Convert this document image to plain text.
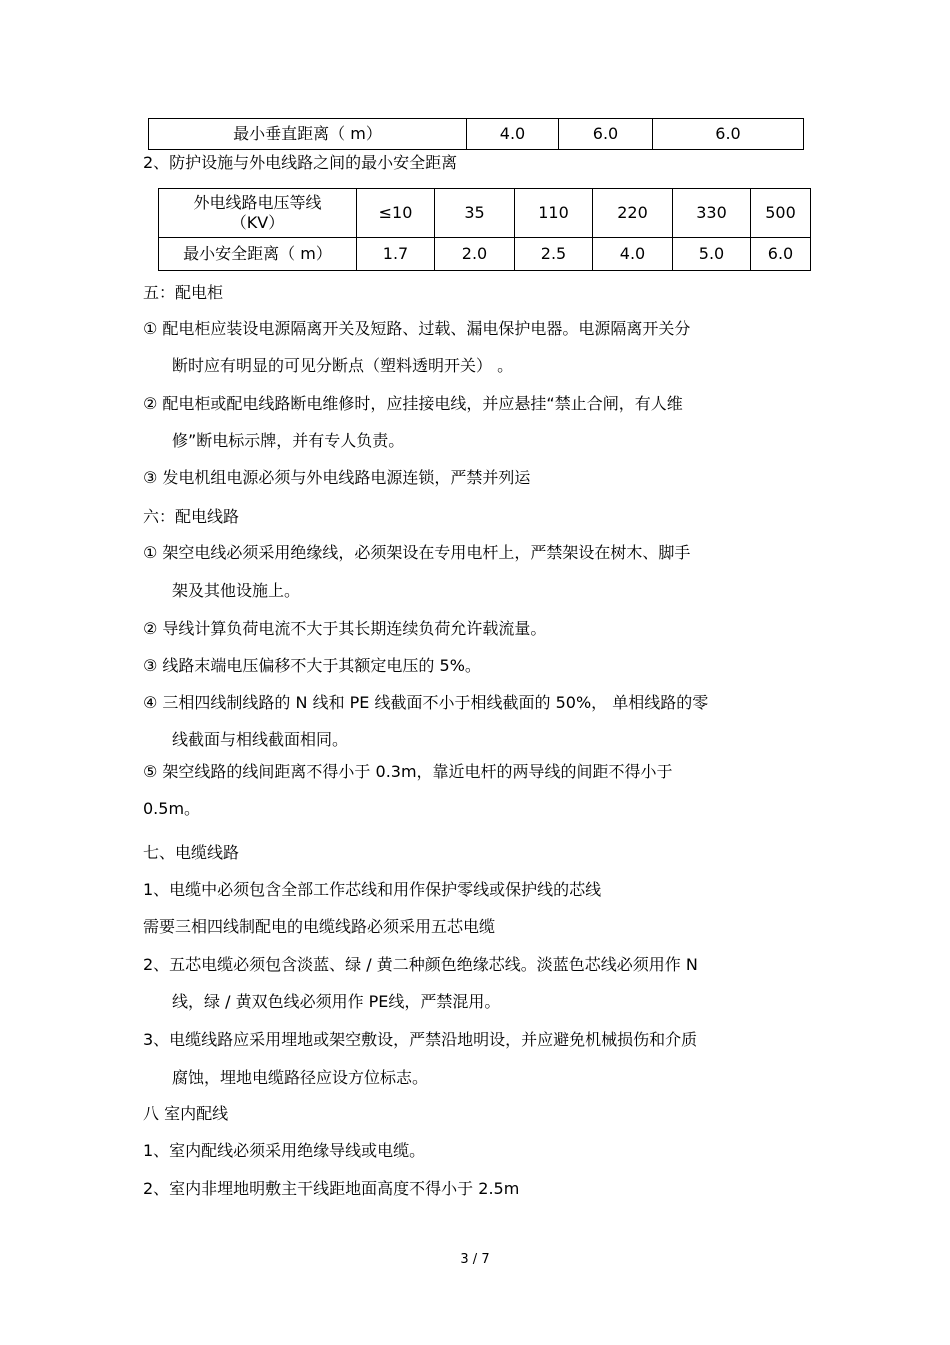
最小垂直距离（ m）	4.0	6.0	6.0
2、防护设施与外电线路之间的最小安全距离
外电线路电压等线（KV）	≤10	35	110	220	330	500
最小安全距离（ m）	1.7	2.0	2.5	4.0	5.0	6.0
五：配电柜
① 配电柜应装设电源隔离开关及短路、过载、漏电保护电器。电源隔离开关分
断时应有明显的可见分断点（塑料透明开关） 。
② 配电柜或配电线路断电维修时，应挂接电线，并应悬挂“禁止合闸，有人维
修”断电标示牌，并有专人负责。
③ 发电机组电源必须与外电线路电源连锁，严禁并列运
六：配电线路
① 架空电线必须采用绝缘线，必须架设在专用电杆上，严禁架设在树木、脚手
架及其他设施上。
② 导线计算负荷电流不大于其长期连续负荷允许载流量。
③ 线路末端电压偏移不大于其额定电压的 5%。
④ 三相四线制线路的 N 线和 PE 线截面不小于相线截面的 50%， 单相线路的零
线截面与相线截面相同。
⑤ 架空线路的线间距离不得小于 0.3m，靠近电杆的两导线的间距不得小于
0.5m。
七、电缆线路
1、电缆中必须包含全部工作芯线和用作保护零线或保护线的芯线
需要三相四线制配电的电缆线路必须采用五芯电缆
2、五芯电缆必须包含淡蓝、绿 / 黄二种颜色绝缘芯线。淡蓝色芯线必须用作 N
线，绿 / 黄双色线必须用作 PE线，严禁混用。
3、电缆线路应采用埋地或架空敷设，严禁沿地明设，并应避免机械损伤和介质
腐蚀，埋地电缆路径应设方位标志。
八 室内配线
1、室内配线必须采用绝缘导线或电缆。
2、室内非埋地明敷主干线距地面高度不得小于 2.5m
3 / 7
